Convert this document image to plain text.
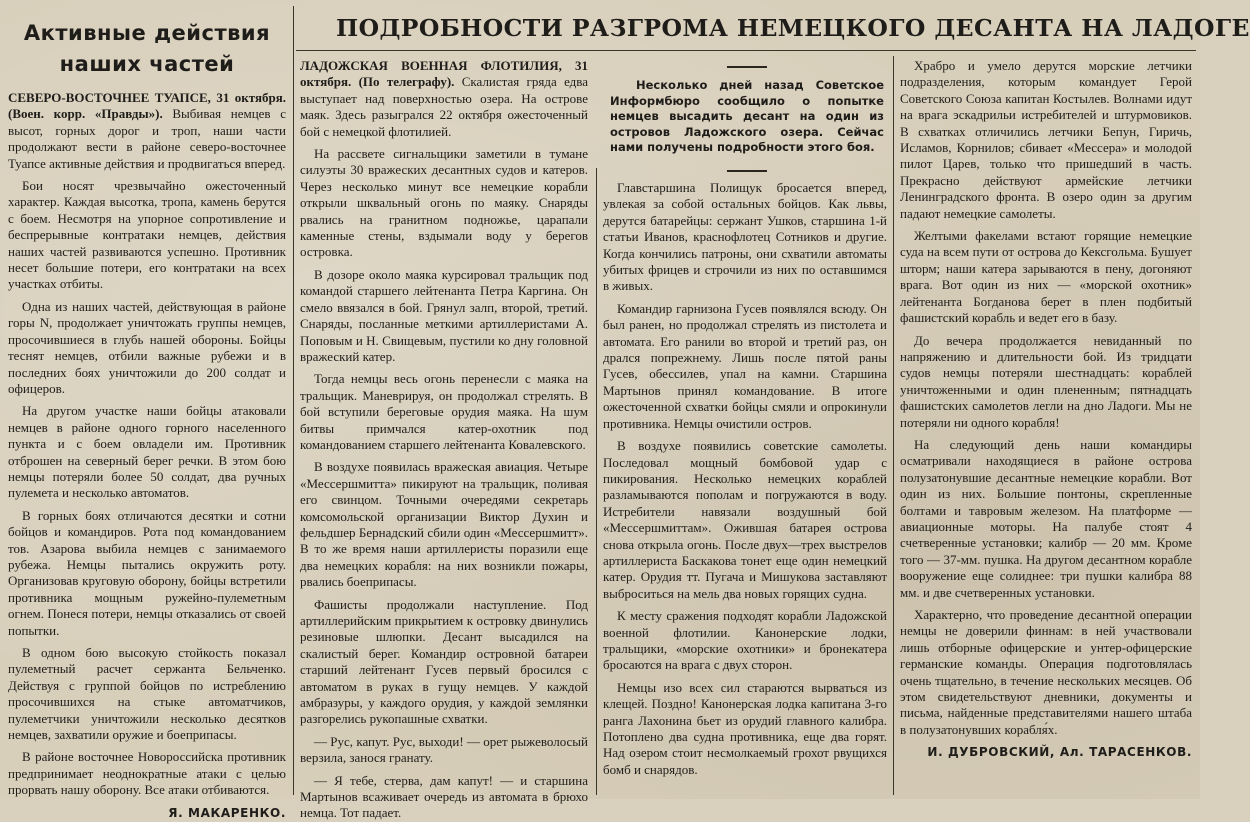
Активные действия наших частей

СЕВЕРО-ВОСТОЧНЕЕ ТУАПСЕ, 31 октября. (Воен. корр. «Правды»). Выбивая немцев с высот, горных дорог и троп, наши части продолжают вести в районе северо-восточнее Туапсе активные действия и продвигаться вперед.

Бои носят чрезвычайно ожесточенный характер. Каждая высотка, тропа, камень берутся с боем. Несмотря на упорное сопротивление и беспрерывные контратаки немцев, действия наших частей развиваются успешно. Противник несет большие потери, его контратаки на всех участках отбиты.

Одна из наших частей, действующая в районе горы N, продолжает уничтожать группы немцев, просочившиеся в глубь нашей обороны. Бойцы теснят немцев, отбили важные рубежи и в последних боях уничтожили до 200 солдат и офицеров.

На другом участке наши бойцы атаковали немцев в районе одного горного населенного пункта и с боем овладели им. Противник отброшен на северный берег речки. В этом бою немцы потеряли более 50 солдат, два ручных пулемета и несколько автоматов.

В горных боях отличаются десятки и сотни бойцов и командиров. Рота под командованием тов. Азарова выбила немцев с занимаемого рубежа. Немцы пытались окружить роту. Организовав круговую оборону, бойцы встретили противника мощным ружейно-пулеметным огнем. Понеся потери, немцы отказались от своей попытки.

В одном бою высокую стойкость показал пулеметный расчет сержанта Бельченко. Действуя с группой бойцов по истреблению просочившихся на стыке автоматчиков, пулеметчики уничтожили несколько десятков немцев, захватили оружие и боеприпасы.

В районе восточнее Новороссийска противник предпринимает неоднократные атаки с целью прорвать нашу оборону. Все атаки отбиваются.

Я. МАКАРЕНКО.
ПОДРОБНОСТИ РАЗГРОМА НЕМЕЦКОГО ДЕСАНТА НА ЛАДОГЕ

ЛАДОЖСКАЯ ВОЕННАЯ ФЛОТИЛИЯ, 31 октября. (По телеграфу). Скалистая гряда едва выступает над поверхностью озера. На острове маяк. Здесь разыгрался 22 октября ожесточенный бой с немецкой флотилией.

На рассвете сигнальщики заметили в тумане силуэты 30 вражеских десантных судов и катеров. Через несколько минут все немецкие корабли открыли шквальный огонь по маяку. Снаряды рвались на гранитном подножье, царапали каменные стены, вздымали воду у берегов островка.

В дозоре около маяка курсировал тральщик под командой старшего лейтенанта Петра Каргина. Он смело ввязался в бой. Грянул залп, второй, третий. Снаряды, посланные меткими артиллеристами А. Поповым и Н. Свищевым, пустили ко дну головной вражеский катер.

Тогда немцы весь огонь перенесли с маяка на тральщик. Маневрируя, он продолжал стрелять. В бой вступили береговые орудия маяка. На шум битвы примчался катер-охотник под командованием старшего лейтенанта Ковалевского.

В воздухе появилась вражеская авиация. Четыре «Мессершмитта» пикируют на тральщик, поливая его свинцом. Точными очередями секретарь комсомольской организации Виктор Духин и фельдшер Бернадский сбили один «Мессершмитт». В то же время наши артиллеристы поразили еще два немецких корабля: на них возникли пожары, рвались боеприпасы.

Фашисты продолжали наступление. Под артиллерийским прикрытием к островку двинулись резиновые шлюпки. Десант высадился на скалистый берег. Командир островной батареи старший лейтенант Гусев первый бросился с автоматом в руках в гущу немцев. У каждой амбразуры, у каждого орудия, у каждой землянки разгорелись рукопашные схватки.

— Рус, капут. Рус, выходи! — орет рыжеволосый верзила, занося гранату.

— Я тебе, стерва, дам капут! — и старшина Мартынов всаживает очередь из автомата в брюхо немца. Тот падает.

Несколько дней назад Советское Информбюро сообщило о попытке немцев высадить десант на один из островов Ладожского озера. Сейчас нами получены подробности этого боя.

Главстаршина Полищук бросается вперед, увлекая за собой остальных бойцов. Как львы, дерутся батарейцы: сержант Ушков, старшина 1-й статьи Иванов, краснофлотец Сотников и другие. Когда кончились патроны, они схватили автоматы убитых фрицев и строчили из них по оставшимся в живых.

Командир гарнизона Гусев появлялся всюду. Он был ранен, но продолжал стрелять из пистолета и автомата. Его ранили во второй и третий раз, он дрался попрежнему. Лишь после пятой раны Гусев, обессилев, упал на камни. Старшина Мартынов принял командование. В итоге ожесточенной схватки бойцы смяли и опрокинули противника. Немцы очистили остров.

В воздухе появились советские самолеты. Последовал мощный бомбовой удар с пикирования. Несколько немецких кораблей разламываются пополам и погружаются в воду. Истребители навязали воздушный бой «Мессершмиттам». Ожившая батарея острова снова открыла огонь. После двух—трех выстрелов артиллериста Баскакова тонет еще один немецкий катер. Орудия тт. Пугача и Мишукова заставляют выброситься на мель два новых горящих судна.

К месту сражения подходят корабли Ладожской военной флотилии. Канонерские лодки, тральщики, «морские охотники» и бронекатера бросаются на врага с двух сторон.

Немцы изо всех сил стараются вырваться из клещей. Поздно! Канонерская лодка капитана 3-го ранга Лахонина бьет из орудий главного калибра. Потоплено два судна противника, еще два горят. Над озером стоит несмолкаемый грохот рвущихся бомб и снарядов.

Храбро и умело дерутся морские летчики подразделения, которым командует Герой Советского Союза капитан Костылев. Волнами идут на врага эскадрильи истребителей и штурмовиков. В схватках отличились летчики Бепун, Гиричь, Исламов, Корнилов; сбивает «Мессера» и молодой пилот Царев, только что пришедший в часть. Прекрасно действуют армейские летчики Ленинградского фронта. В озеро один за другим падают немецкие самолеты.

Желтыми факелами встают горящие немецкие суда на всем пути от острова до Кексгольма. Бушует шторм; наши катера зарываются в пену, догоняют врага. Вот один из них — «морской охотник» лейтенанта Богданова берет в плен подбитый фашистский корабль и ведет его в базу.

До вечера продолжается невиданный по напряжению и длительности бой. Из тридцати судов немцы потеряли шестнадцать: кораблей уничтоженными и один плененным; пятнадцать фашистских самолетов легли на дно Ладоги. Мы не потеряли ни одного корабля!

На следующий день наши командиры осматривали находящиеся в районе острова полузатонувшие десантные немецкие корабли. Вот один из них. Большие понтоны, скрепленные болтами и тавровым железом. На платформе — авиационные моторы. На палубе стоят 4 счетверенные установки; калибр — 20 мм. Кроме того — 37-мм. пушка. На другом десантном корабле вооружение еще солиднее: три пушки калибра 88 мм. и две счетверенных установки.

Характерно, что проведение десантной операции немцы не доверили финнам: в ней участвовали лишь отборные офицерские и унтер-офицерские германские команды. Операция подготовлялась очень тщательно, в течение нескольких месяцев. Об этом свидетельствуют дневники, документы и письма, найденные представителями нашего штаба в полузатонувших корабля́х.

И. ДУБРОВСКИЙ, Ал. ТАРАСЕНКОВ.
